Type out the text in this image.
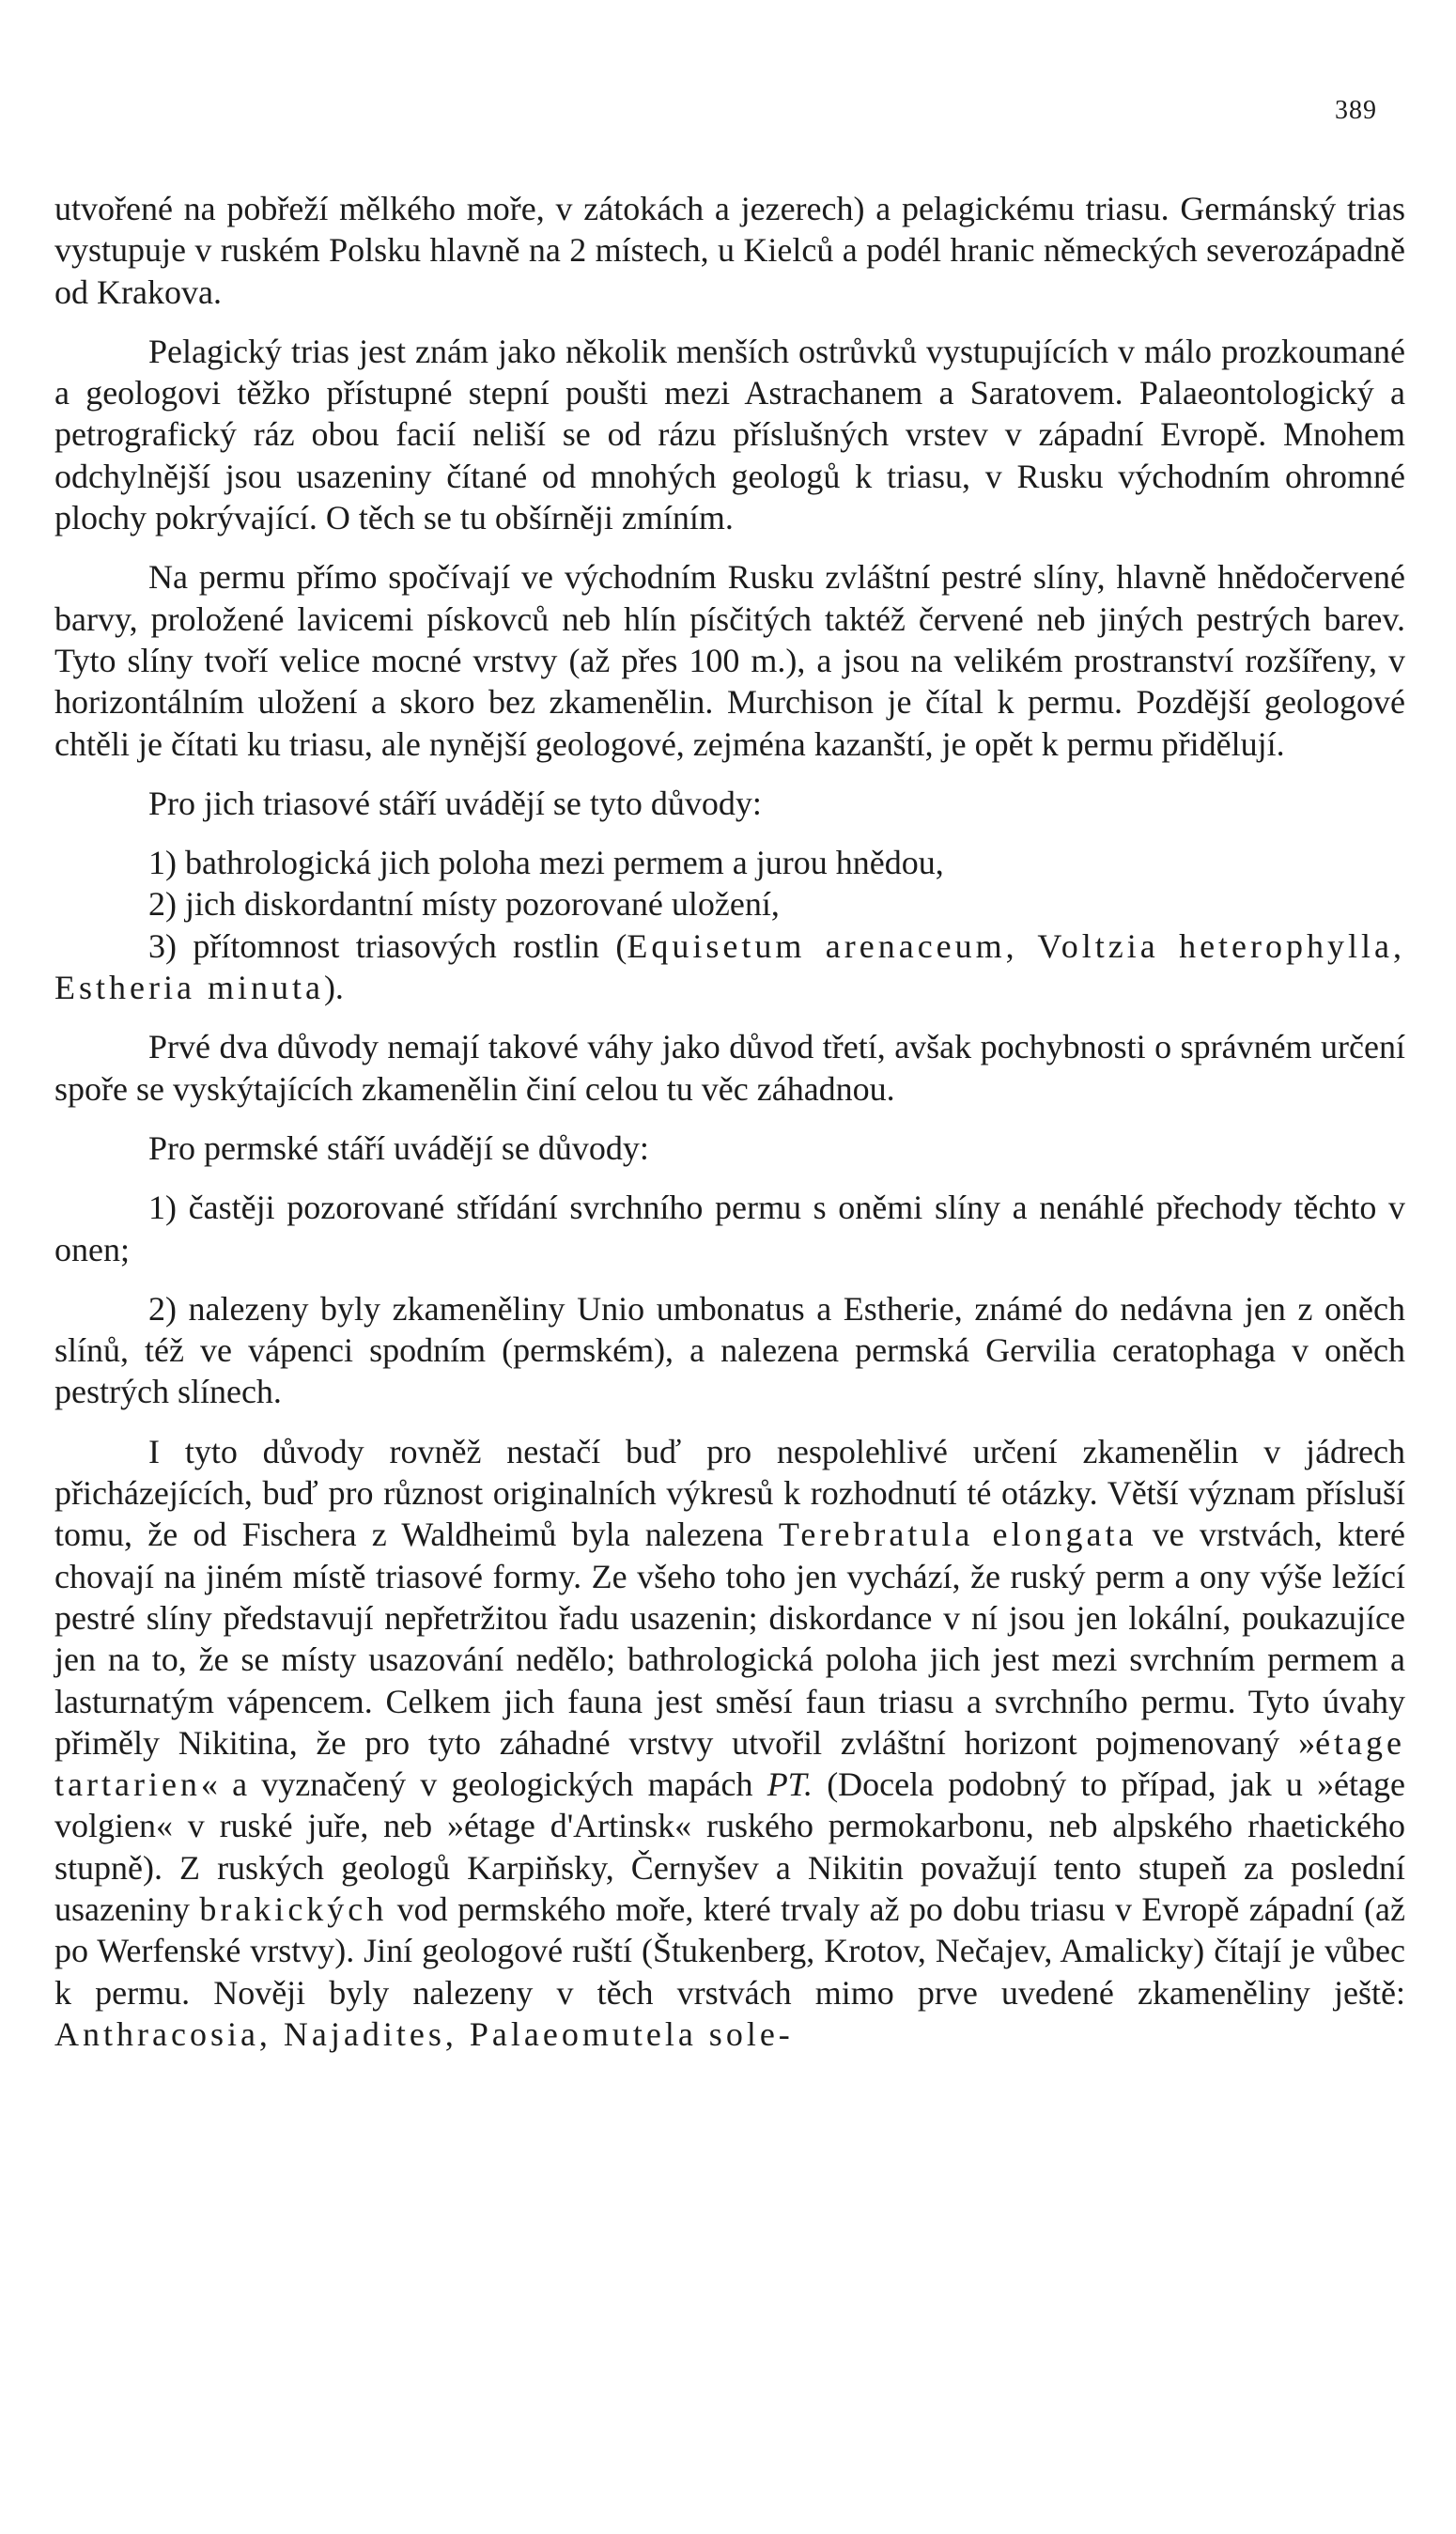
389

utvořené na pobřeží mělkého moře, v zátokách a jezerech) a pelagickému triasu. Germánský trias vystupuje v ruském Polsku hlavně na 2 místech, u Kielců a podél hranic německých severozápadně od Krakova.

Pelagický trias jest znám jako několik menších ostrůvků vystupujících v málo prozkoumané a geologovi těžko přístupné stepní poušti mezi Astrachanem a Saratovem. Palaeontologický a petrografický ráz obou facií neliší se od rázu příslušných vrstev v západní Evropě. Mnohem odchylnější jsou usazeniny čítané od mnohých geologů k triasu, v Rusku východním ohromné plochy pokrývající. O těch se tu obšírněji zmíním.

Na permu přímo spočívají ve východním Rusku zvláštní pestré slíny, hlavně hnědočervené barvy, proložené lavicemi pískovců neb hlín písčitých taktéž červené neb jiných pestrých barev. Tyto slíny tvoří velice mocné vrstvy (až přes 100 m.), a jsou na velikém prostranství rozšířeny, v horizontálním uložení a skoro bez zkamenělin. Murchison je čítal k permu. Pozdější geologové chtěli je čítati ku triasu, ale nynější geologové, zejména kazanští, je opět k permu přidělují.

Pro jich triasové stáří uvádějí se tyto důvody:

1) bathrologická jich poloha mezi permem a jurou hnědou,

2) jich diskordantní místy pozorované uložení,

3) přítomnost triasových rostlin (Equisetum arenaceum, Voltzia heterophylla, Estheria minuta).

Prvé dva důvody nemají takové váhy jako důvod třetí, avšak pochybnosti o správném určení spoře se vyskýtajících zkamenělin činí celou tu věc záhadnou.

Pro permské stáří uvádějí se důvody:

1) častěji pozorované střídání svrchního permu s oněmi slíny a nenáhlé přechody těchto v onen;

2) nalezeny byly zkameněliny Unio umbonatus a Estherie, známé do nedávna jen z oněch slínů, též ve vápenci spodním (permském), a nalezena permská Gervilia ceratophaga v oněch pestrých slínech.

I tyto důvody rovněž nestačí buď pro nespolehlivé určení zkamenělin v jádrech přicházejících, buď pro různost originalních výkresů k rozhodnutí té otázky. Větší význam přísluší tomu, že od Fischera z Waldheimů byla nalezena Terebratula elongata ve vrstvách, které chovají na jiném místě triasové formy. Ze všeho toho jen vychází, že ruský perm a ony výše ležící pestré slíny představují nepřetržitou řadu usazenin; diskordance v ní jsou jen lokální, poukazujíce jen na to, že se místy usazování nedělo; bathrologická poloha jich jest mezi svrchním permem a lasturnatým vápencem. Celkem jich fauna jest směsí faun triasu a svrchního permu. Tyto úvahy přiměly Nikitina, že pro tyto záhadné vrstvy utvořil zvláštní horizont pojmenovaný »étage tartarien« a vyznačený v geologických mapách PT. (Docela podobný to případ, jak u »étage volgien« v ruské juře, neb »étage d'Artinsk« ruského permokarbonu, neb alpského rhaetického stupně). Z ruských geologů Karpiňsky, Černyšev a Nikitin považují tento stupeň za poslední usazeniny brakických vod permského moře, které trvaly až po dobu triasu v Evropě západní (až po Werfenské vrstvy). Jiní geologové ruští (Štukenberg, Krotov, Nečajev, Amalicky) čítají je vůbec k permu. Nověji byly nalezeny v těch vrstvách mimo prve uvedené zkameněliny ještě: Anthracosia, Najadites, Palaeomutela sole-
